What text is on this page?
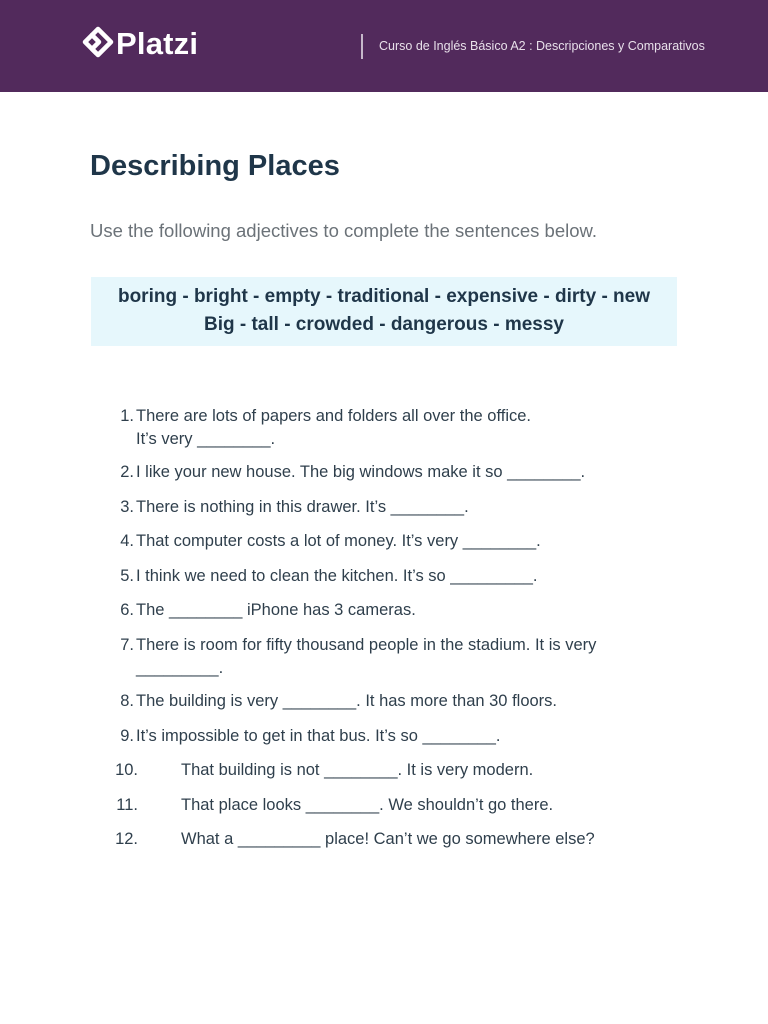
Platzi	Curso de Inglés Básico A2 : Descripciones y Comparativos
Describing Places

Use the following adjectives to complete the sentences below.

boring - bright - empty - traditional - expensive - dirty - new
Big - tall - crowded - dangerous - messy
1. There are lots of papers and folders all over the office.
It’s very ________.
2. I like your new house. The big windows make it so ________.
3. There is nothing in this drawer. It’s ________.
4. That computer costs a lot of money. It’s very ________.
5. I think we need to clean the kitchen. It’s so _________.
6. The ________ iPhone has 3 cameras.
7. There is room for fifty thousand people in the stadium. It is very
_________.
8. The building is very ________. It has more than 30 floors.
9. It’s impossible to get in that bus. It’s so ________.
10.	That building is not ________. It is very modern.
11.	That place looks ________. We shouldn’t go there.
12.	What a _________ place! Can’t we go somewhere else?
